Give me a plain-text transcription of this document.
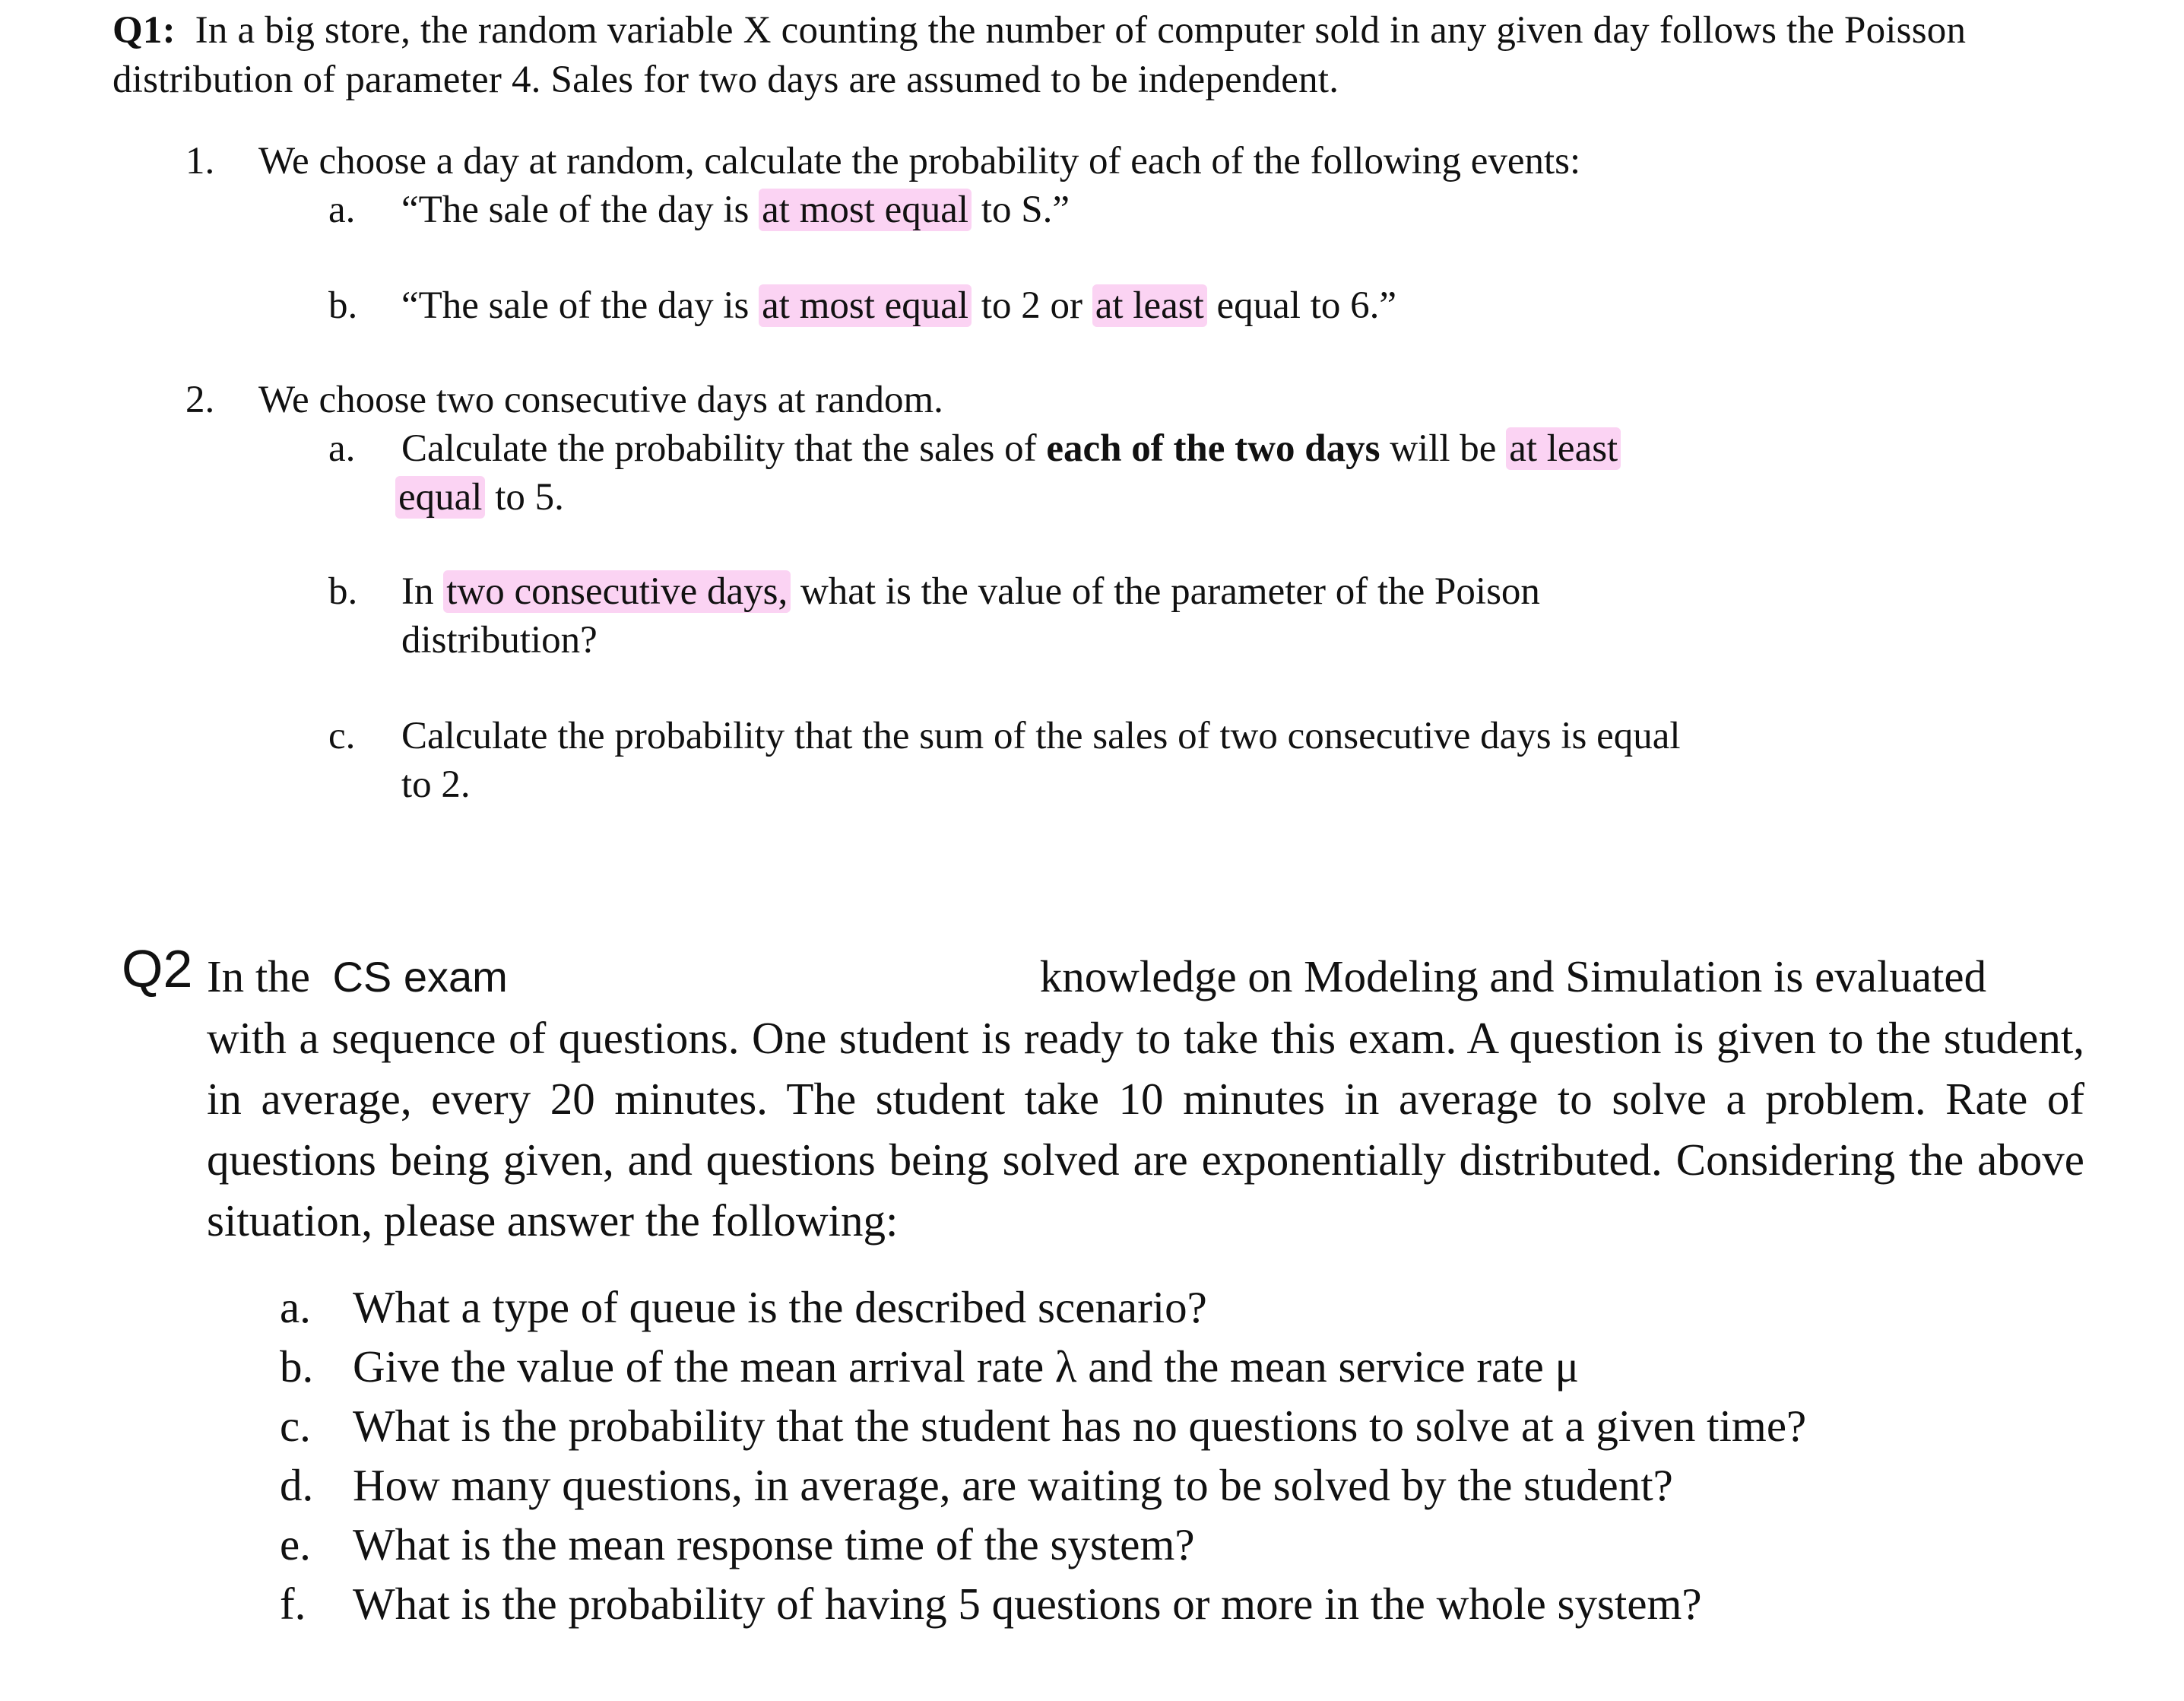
Q1: In a big store, the random variable X counting the number of computer sold in any given day follows the Poisson distribution of parameter 4. Sales for two days are assumed to be independent.
1. We choose a day at random, calculate the probability of each of the following events:
a. “The sale of the day is at most equal to S.”
b. “The sale of the day is at most equal to 2 or at least equal to 6.”
2. We choose two consecutive days at random.
a. Calculate the probability that the sales of each of the two days will be at least
equal to 5.
b. In two consecutive days, what is the value of the parameter of the Poison
distribution?
c. Calculate the probability that the sum of the sales of two consecutive days is equal
to 2.
Q2 In the CS exam	knowledge on Modeling and Simulation is evaluated
with a sequence of questions. One student is ready to take this exam. A question is given to the student, in average, every 20 minutes. The student take 10 minutes in average to solve a problem. Rate of questions being given, and questions being solved are exponentially distributed. Considering the above situation, please answer the following:
a. What a type of queue is the described scenario?
b. Give the value of the mean arrival rate λ and the mean service rate μ
c. What is the probability that the student has no questions to solve at a given time?
d. How many questions, in average, are waiting to be solved by the student?
e. What is the mean response time of the system?
f. What is the probability of having 5 questions or more in the whole system?
